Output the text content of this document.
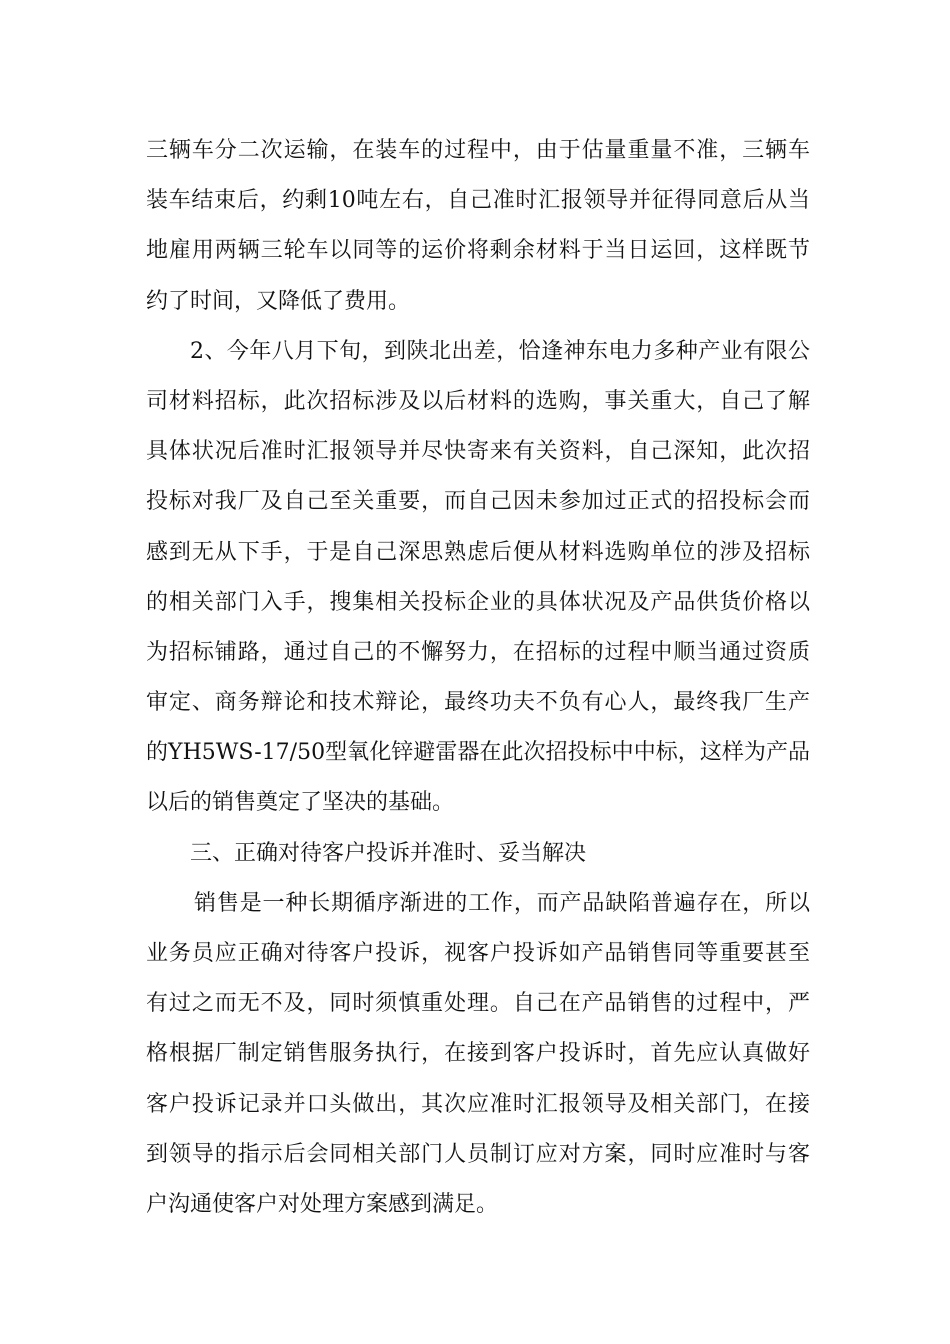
三辆车分二次运输，在装车的过程中，由于估量重量不准，三辆车
装车结束后，约剩10吨左右，自己准时汇报领导并征得同意后从当
地雇用两辆三轮车以同等的运价将剩余材料于当日运回，这样既节
约了时间，又降低了费用。
2、今年八月下旬，到陕北出差，恰逢神东电力多种产业有限公
司材料招标，此次招标涉及以后材料的选购，事关重大，自己了解
具体状况后准时汇报领导并尽快寄来有关资料，自己深知，此次招
投标对我厂及自己至关重要，而自己因未参加过正式的招投标会而
感到无从下手，于是自己深思熟虑后便从材料选购单位的涉及招标
的相关部门入手，搜集相关投标企业的具体状况及产品供货价格以
为招标铺路，通过自己的不懈努力，在招标的过程中顺当通过资质
审定、商务辩论和技术辩论，最终功夫不负有心人，最终我厂生产
的YH5WS-17/50型氧化锌避雷器在此次招投标中中标，这样为产品
以后的销售奠定了坚决的基础。
三、正确对待客户投诉并准时、妥当解决
销售是一种长期循序渐进的工作，而产品缺陷普遍存在，所以
业务员应正确对待客户投诉，视客户投诉如产品销售同等重要甚至
有过之而无不及，同时须慎重处理。自己在产品销售的过程中，严
格根据厂制定销售服务执行，在接到客户投诉时，首先应认真做好
客户投诉记录并口头做出，其次应准时汇报领导及相关部门，在接
到领导的指示后会同相关部门人员制订应对方案，同时应准时与客
户沟通使客户对处理方案感到满足。
